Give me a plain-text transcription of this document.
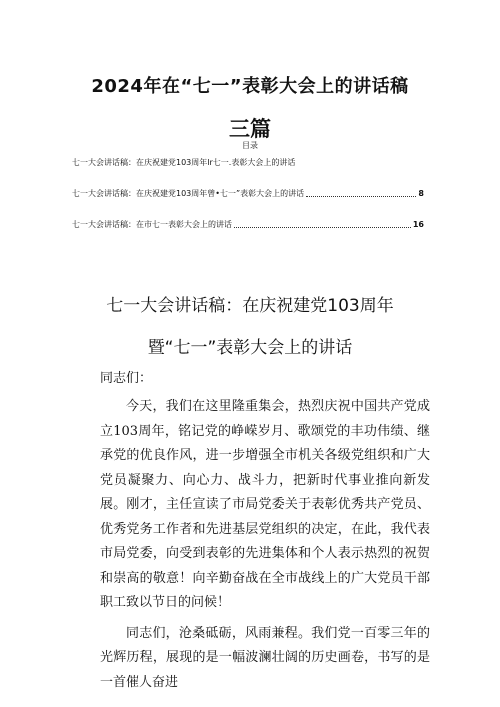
2024年在“七一”表彰大会上的讲话稿
三篇
目录
七一大会讲话稿：在庆祝建党103周年lr七一.表彰大会上的讲话
七一大会讲话稿：在庆祝建党103周年曾•七一”表彰大会上的讲话	8
七一大会讲话稿：在市七一表彰大会上的讲话	16
七一大会讲话稿：在庆祝建党103周年
暨“七一”表彰大会上的讲话
同志们：

今天，我们在这里隆重集会，热烈庆祝中国共产党成立103周年，铭记党的峥嵘岁月、歌颂党的丰功伟绩、继承党的优良作风，进一步增强全市机关各级党组织和广大党员凝聚力、向心力、战斗力，把新时代事业推向新发展。刚才，主任宣读了市局党委关于表彰优秀共产党员、优秀党务工作者和先进基层党组织的决定，在此，我代表市局党委，向受到表彰的先进集体和个人表示热烈的祝贺和崇高的敬意！向辛勤奋战在全市战线上的广大党员干部职工致以节日的问候！

同志们，沧桑砥砺，风雨兼程。我们党一百零三年的光辉历程，展现的是一幅波澜壮阔的历史画卷，书写的是一首催人奋进
